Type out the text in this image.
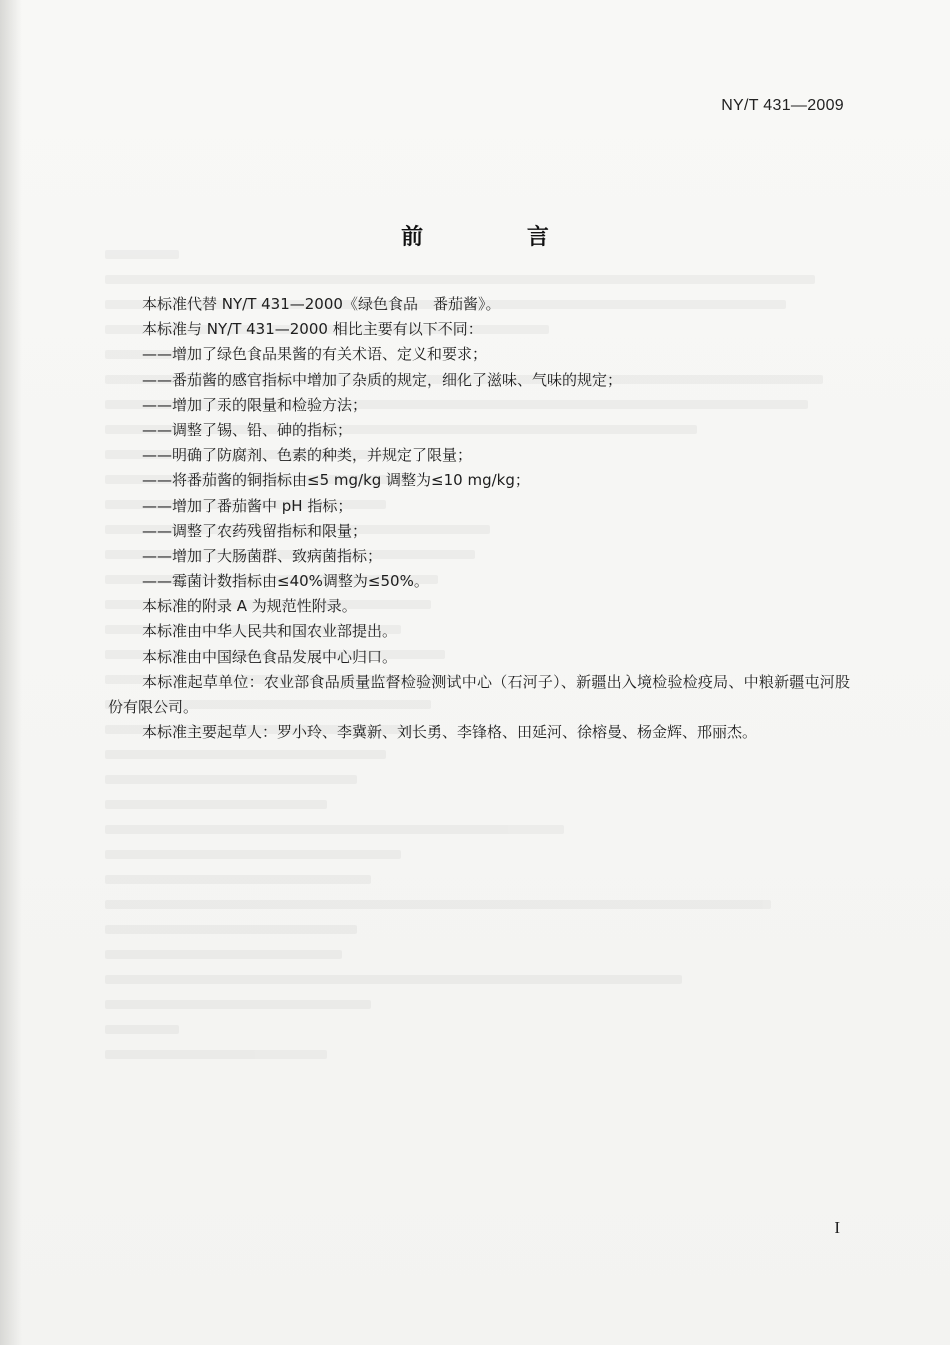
NY/T 431—2009
前 言
本标准代替 NY/T 431—2000《绿色食品　番茄酱》。
本标准与 NY/T 431—2000 相比主要有以下不同：
——增加了绿色食品果酱的有关术语、定义和要求；
——番茄酱的感官指标中增加了杂质的规定，细化了滋味、气味的规定；
——增加了汞的限量和检验方法；
——调整了锡、铅、砷的指标；
——明确了防腐剂、色素的种类，并规定了限量；
——将番茄酱的铜指标由≤5 mg/kg 调整为≤10 mg/kg；
——增加了番茄酱中 pH 指标；
——调整了农药残留指标和限量；
——增加了大肠菌群、致病菌指标；
——霉菌计数指标由≤40%调整为≤50%。
本标准的附录 A 为规范性附录。
本标准由中华人民共和国农业部提出。
本标准由中国绿色食品发展中心归口。
本标准起草单位：农业部食品质量监督检验测试中心（石河子）、新疆出入境检验检疫局、中粮新疆屯河股份有限公司。
本标准主要起草人：罗小玲、李冀新、刘长勇、李锋格、田延河、徐榕曼、杨金辉、邢丽杰。
I
